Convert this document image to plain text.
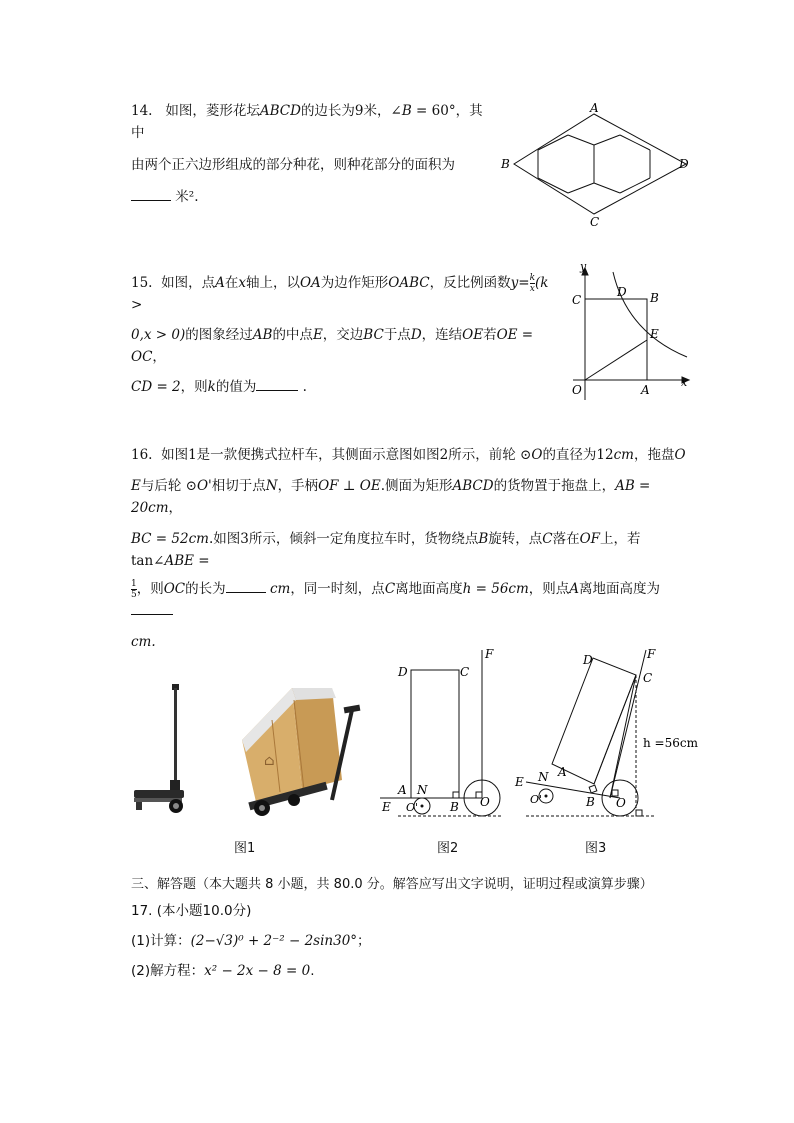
14. 如图，菱形花坛ABCD的边长为9米，∠B = 60°，其中
由两个正六边形组成的部分种花，则种花部分的面积为
米².
A
B
C
D
15. 如图，点A在x轴上，以OA为边作矩形OABC，反比例函数$y= \frac{k}{x} (k$ >
0,x > 0)的图象经过AB的中点E，交边BC于点D，连结OE若OE = OC，
CD = 2，则k的值为	.
y
x
C
D B
E
O	A
16. 如图1是一款便携式拉杆车，其侧面示意图如图2所示，前轮 ⊙O的直径为12cm，拖盘O
E与后轮 ⊙O'相切于点N，手柄OF ⊥ OE.侧面为矩形ABCD的货物置于拖盘上，AB = 20cm，
BC = 52cm.如图3所示，倾斜一定角度拉车时，货物绕点B旋转，点C落在OF上，若tan∠ABE =
$\frac{1}{5}$ ，则OC的长为	cm，同一时刻，点C离地面高度h = 56cm，则点A离地面高度为
cm.
⌂
D	C
F
A N
E O'	B O
D	F
C
h =56cm
E N A
O'	B O
图1	图2	图3
三、解答题（本大题共 8 小题，共 80.0 分。解答应写出文字说明，证明过程或演算步骤）
17. (本小题10.0分)
(1)计算：(2−√3)⁰ + 2⁻² − 2sin30°；
(2)解方程：x² − 2x − 8 = 0.
